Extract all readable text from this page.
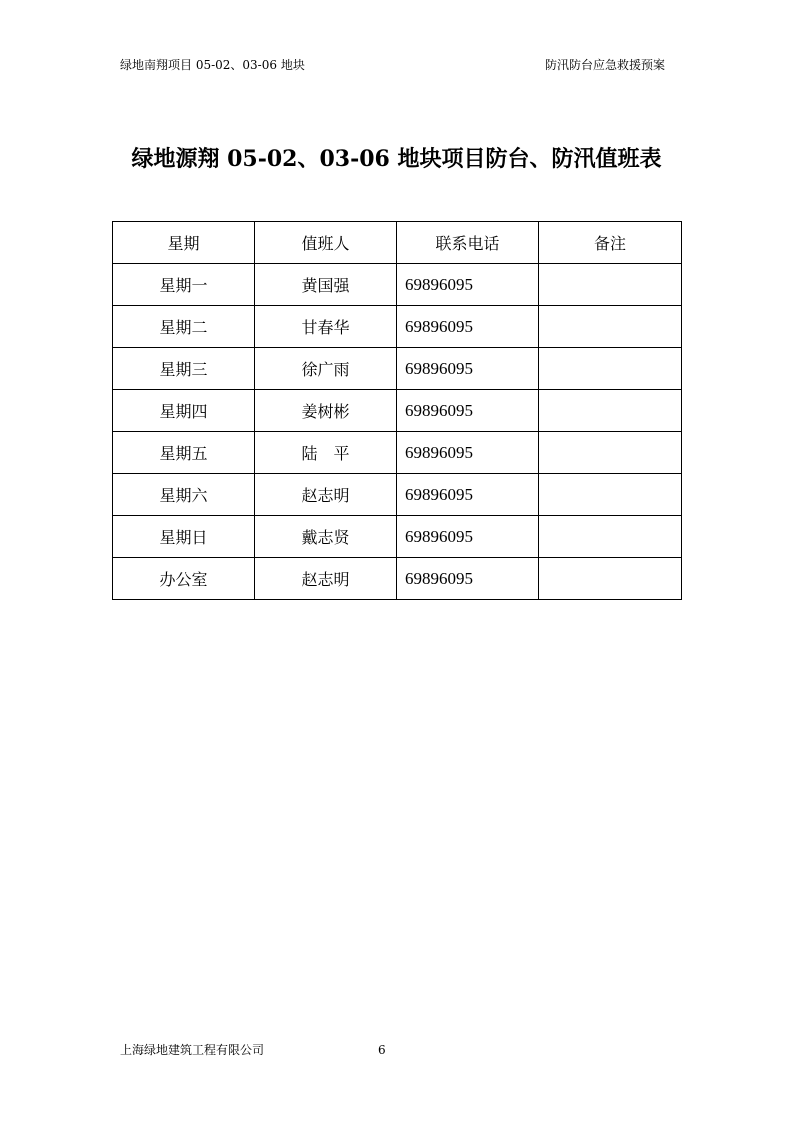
绿地南翔项目 05-02、03-06 地块	防汛防台应急救援预案
绿地源翔 05-02、03-06 地块项目防台、防汛值班表
星期	值班人	联系电话	备注
星期一	黄国强	69896095	
星期二	甘春华	69896095	
星期三	徐广雨	69896095	
星期四	姜树彬	69896095	
星期五	陆　平	69896095	
星期六	赵志明	69896095	
星期日	戴志贤	69896095	
办公室	赵志明	69896095	
上海绿地建筑工程有限公司	6
